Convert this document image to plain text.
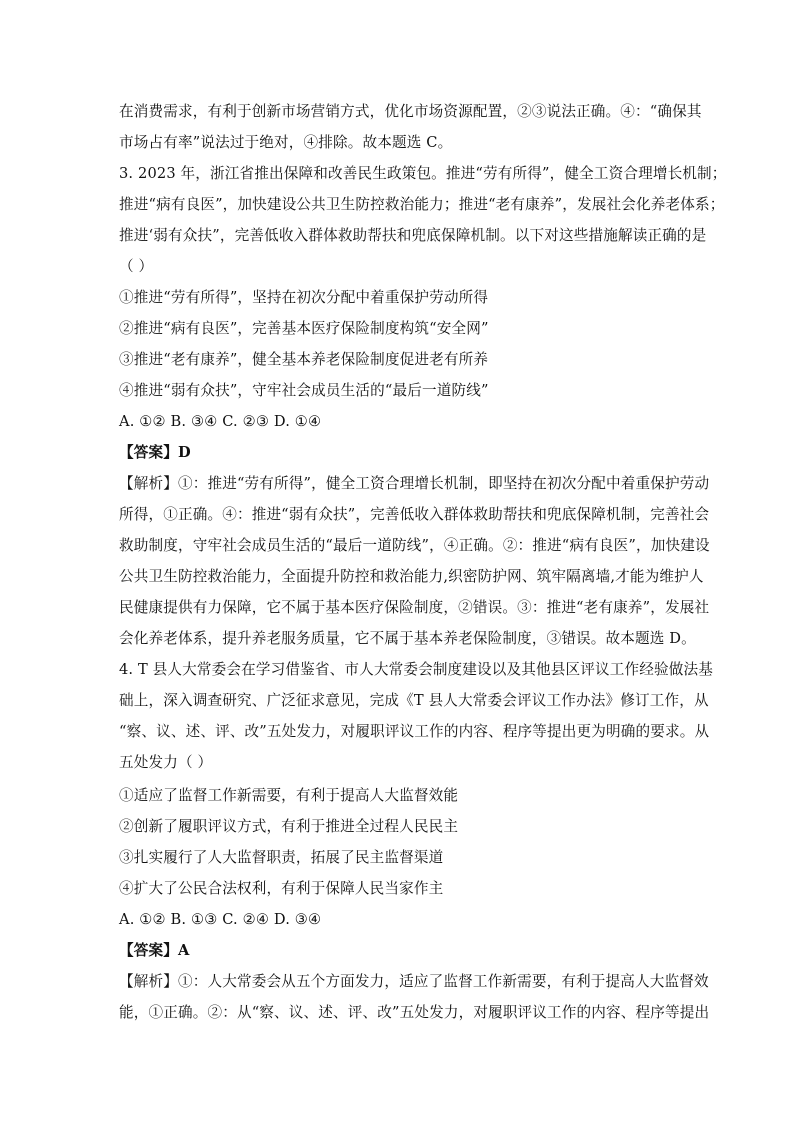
在消费需求，有利于创新市场营销方式，优化市场资源配置，②③说法正确。④：“确保其
市场占有率”说法过于绝对，④排除。故本题选 C。
3. 2023 年，浙江省推出保障和改善民生政策包。推进“劳有所得”，健全工资合理增长机制；
推进“病有良医”，加快建设公共卫生防控救治能力；推进“老有康养”，发展社会化养老体系；
推进‘弱有众扶”，完善低收入群体救助帮扶和兜底保障机制。以下对这些措施解读正确的是
（ ）
①推进“劳有所得”，坚持在初次分配中着重保护劳动所得
②推进“病有良医”，完善基本医疗保险制度构筑“安全网”
③推进“老有康养”，健全基本养老保险制度促进老有所养
④推进“弱有众扶”，守牢社会成员生活的“最后一道防线”
A. ①② B. ③④ C. ②③ D. ①④
【答案】D
【解析】①：推进“劳有所得”，健全工资合理增长机制，即坚持在初次分配中着重保护劳动
所得，①正确。④：推进“弱有众扶”，完善低收入群体救助帮扶和兜底保障机制，完善社会
救助制度，守牢社会成员生活的“最后一道防线”，④正确。②：推进“病有良医”，加快建设
公共卫生防控救治能力，全面提升防控和救治能力,织密防护网、筑牢隔离墙,才能为维护人
民健康提供有力保障，它不属于基本医疗保险制度，②错误。③：推进“老有康养”，发展社
会化养老体系，提升养老服务质量，它不属于基本养老保险制度，③错误。故本题选 D。
4. T 县人大常委会在学习借鉴省、市人大常委会制度建设以及其他县区评议工作经验做法基
础上，深入调查研究、广泛征求意见，完成《T 县人大常委会评议工作办法》修订工作，从
“察、议、述、评、改”五处发力，对履职评议工作的内容、程序等提出更为明确的要求。从
五处发力（ ）
①适应了监督工作新需要，有利于提高人大监督效能
②创新了履职评议方式，有利于推进全过程人民民主
③扎实履行了人大监督职责，拓展了民主监督渠道
④扩大了公民合法权利，有利于保障人民当家作主
A. ①② B. ①③ C. ②④ D. ③④
【答案】A
【解析】①：人大常委会从五个方面发力，适应了监督工作新需要，有利于提高人大监督效
能，①正确。②：从“察、议、述、评、改”五处发力，对履职评议工作的内容、程序等提出
